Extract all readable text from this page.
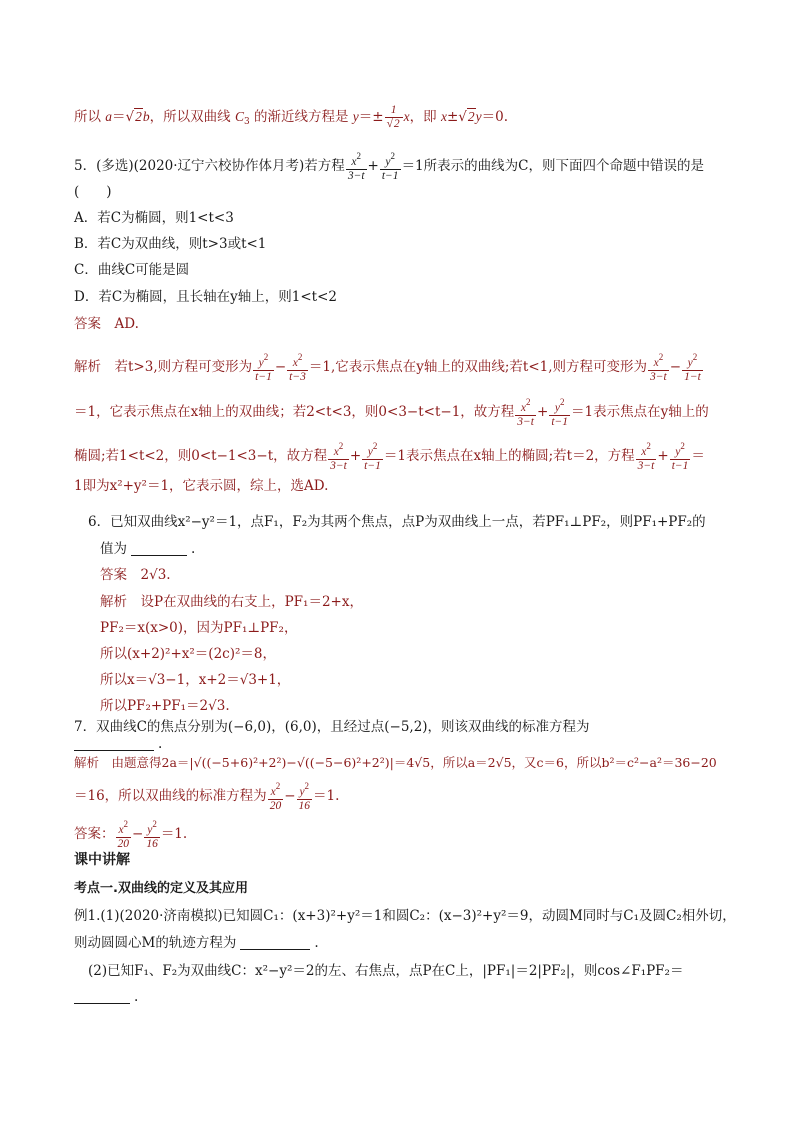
所以 a＝√2b，所以双曲线 $C_3$ 的渐近线方程是 $y=\pm \frac{1}{√2}$ x，即 x±√2y＝0.
5．(多选)(2020·辽宁六校协作体月考)若方程 $\frac{x^2}{3-t} + \frac{y^2}{t-1} =1$所表示的曲线为C，则下面四个命题中错误的是
(　　)
A．若C为椭圆，则1<t<3
B．若C为双曲线，则t>3或t<1
C．曲线C可能是圆
D．若C为椭圆，且长轴在y轴上，则1<t<2
答案　AD.
解析　若t>3,则方程可变形为 $\frac{y^2}{t-1} - \frac{x^2}{t-3} =1$,它表示焦点在y轴上的双曲线;若t<1,则方程可变形为 $\frac{x^2}{3-t} - \frac{y^2}{1-t}$
＝1，它表示焦点在x轴上的双曲线；若2<t<3，则0<3−t<t−1，故方程 $\frac{x^2}{3-t} + \frac{y^2}{t-1} =1$表示焦点在y轴上的
椭圆;若1<t<2，则0<t−1<3−t，故方程 $\frac{x^2}{3-t} + \frac{y^2}{t-1} =1$表示焦点在x轴上的椭圆;若t＝2，方程 $\frac{x^2}{3-t} + \frac{y^2}{t-1}$ ＝
1即为x²+y²＝1，它表示圆，综上，选AD.
6．已知双曲线x²−y²＝1，点F₁，F₂为其两个焦点，点P为双曲线上一点，若PF₁⊥PF₂，则PF₁+PF₂的
值为	.
答案　2√3.
解析　设P在双曲线的右支上，PF₁＝2+x，
PF₂＝x(x>0)，因为PF₁⊥PF₂，
所以(x+2)²+x²＝(2c)²＝8，
所以x＝√3−1，x+2＝√3+1，
所以PF₂+PF₁＝2√3.
7．双曲线C的焦点分别为(−6,0)，(6,0)，且经过点(−5,2)，则该双曲线的标准方程为
.
解析　由题意得2a＝|√((−5+6)²+2²)−√((−5−6)²+2²)|＝4√5，所以a＝2√5，又c＝6，所以b²＝c²−a²＝36−20
＝16，所以双曲线的标准方程为 $\frac{x^2}{20} - \frac{y^2}{16} =1$.
答案： $\frac{x^2}{20} - \frac{y^2}{16} =1$.
课中讲解
考点一.双曲线的定义及其应用
例1.(1)(2020·济南模拟)已知圆C₁：(x+3)²+y²＝1和圆C₂：(x−3)²+y²＝9，动圆M同时与C₁及圆C₂相外切，
则动圆圆心M的轨迹方程为	.
(2)已知F₁、F₂为双曲线C：x²−y²＝2的左、右焦点，点P在C上，|PF₁|＝2|PF₂|，则cos∠F₁PF₂＝
.
